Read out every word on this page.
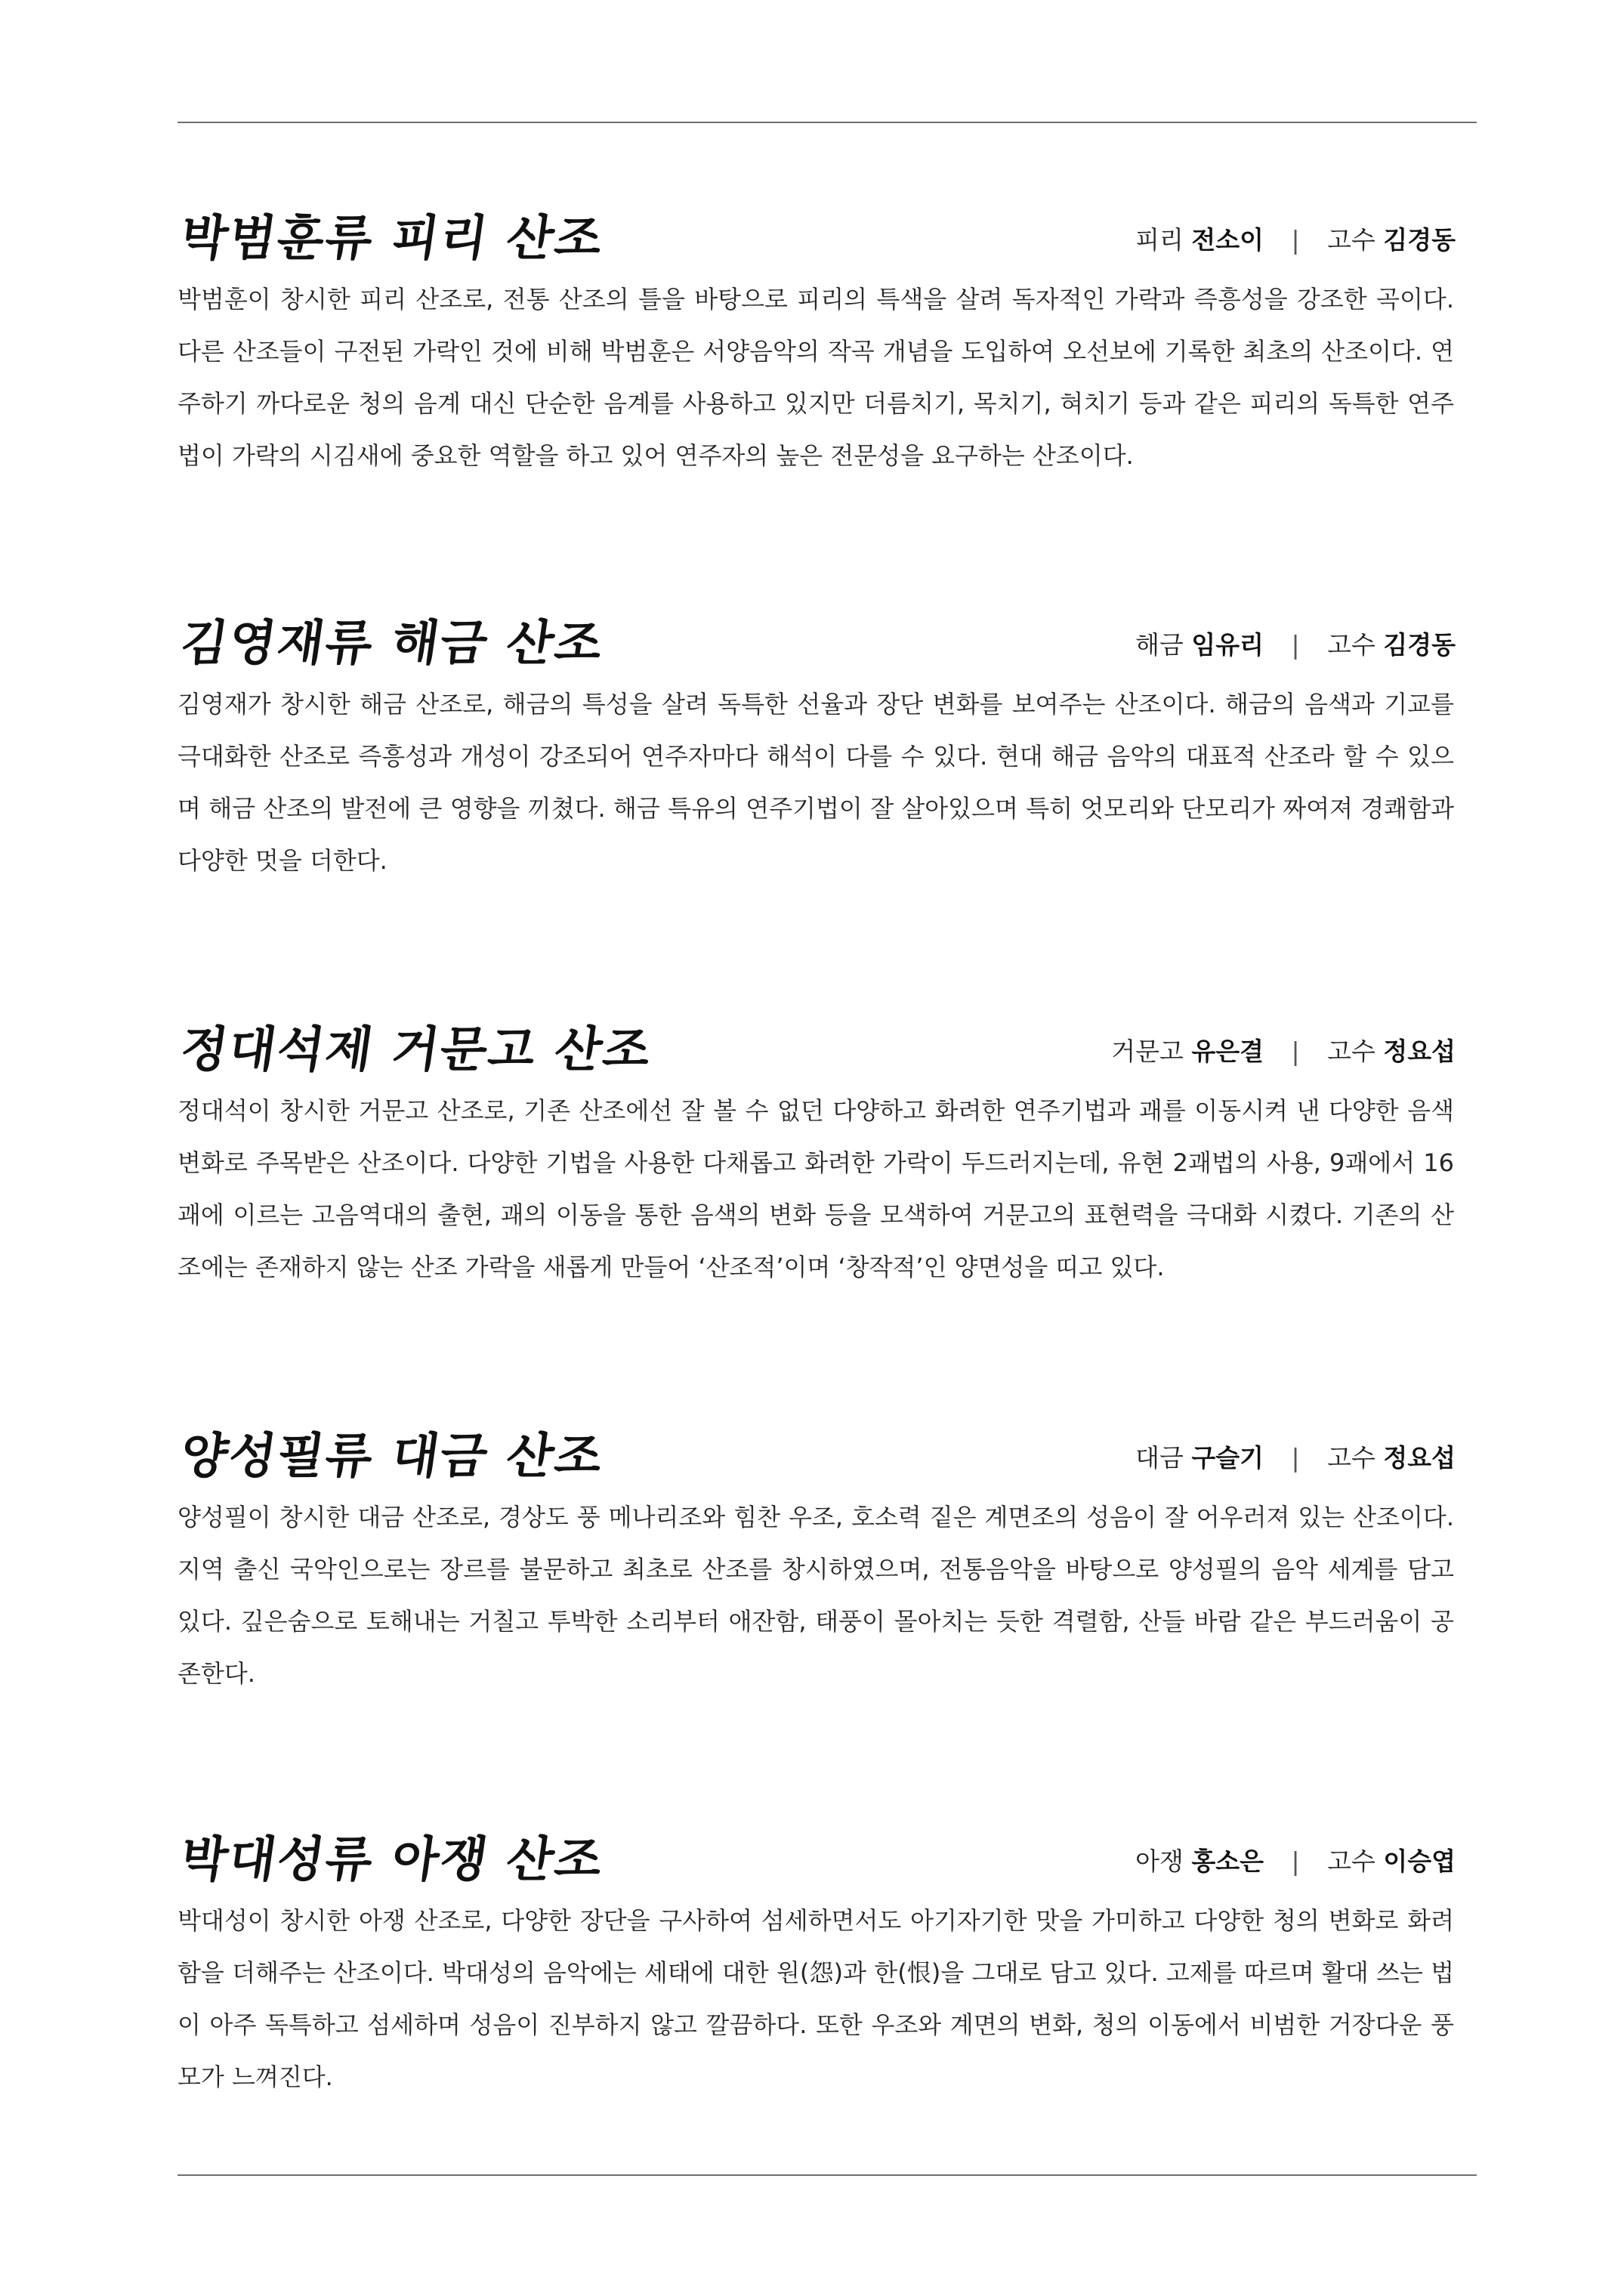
박범훈류 피리 산조	피리 전소이 | 고수 김경동

박범훈이 창시한 피리 산조로, 전통 산조의 틀을 바탕으로 피리의 특색을 살려 독자적인 가락과 즉흥성을 강조한 곡이다. 다른 산조들이 구전된 가락인 것에 비해 박범훈은 서양음악의 작곡 개념을 도입하여 오선보에 기록한 최초의 산조이다. 연주하기 까다로운 청의 음계 대신 단순한 음계를 사용하고 있지만 더름치기, 목치기, 혀치기 등과 같은 피리의 독특한 연주법이 가락의 시김새에 중요한 역할을 하고 있어 연주자의 높은 전문성을 요구하는 산조이다.

김영재류 해금 산조	해금 임유리 | 고수 김경동

김영재가 창시한 해금 산조로, 해금의 특성을 살려 독특한 선율과 장단 변화를 보여주는 산조이다. 해금의 음색과 기교를 극대화한 산조로 즉흥성과 개성이 강조되어 연주자마다 해석이 다를 수 있다. 현대 해금 음악의 대표적 산조라 할 수 있으며 해금 산조의 발전에 큰 영향을 끼쳤다. 해금 특유의 연주기법이 잘 살아있으며 특히 엇모리와 단모리가 짜여져 경쾌함과 다양한 멋을 더한다.

정대석제 거문고 산조	거문고 유은결 | 고수 정요섭

정대석이 창시한 거문고 산조로, 기존 산조에선 잘 볼 수 없던 다양하고 화려한 연주기법과 괘를 이동시켜 낸 다양한 음색 변화로 주목받은 산조이다. 다양한 기법을 사용한 다채롭고 화려한 가락이 두드러지는데, 유현 2괘법의 사용, 9괘에서 16괘에 이르는 고음역대의 출현, 괘의 이동을 통한 음색의 변화 등을 모색하여 거문고의 표현력을 극대화 시켰다. 기존의 산조에는 존재하지 않는 산조 가락을 새롭게 만들어 ‘산조적’이며 ‘창작적’인 양면성을 띠고 있다.

양성필류 대금 산조	대금 구슬기 | 고수 정요섭

양성필이 창시한 대금 산조로, 경상도 풍 메나리조와 힘찬 우조, 호소력 짙은 계면조의 성음이 잘 어우러져 있는 산조이다. 지역 출신 국악인으로는 장르를 불문하고 최초로 산조를 창시하였으며, 전통음악을 바탕으로 양성필의 음악 세계를 담고 있다. 깊은숨으로 토해내는 거칠고 투박한 소리부터 애잔함, 태풍이 몰아치는 듯한 격렬함, 산들 바람 같은 부드러움이 공존한다.

박대성류 아쟁 산조	아쟁 홍소은 | 고수 이승엽

박대성이 창시한 아쟁 산조로, 다양한 장단을 구사하여 섬세하면서도 아기자기한 맛을 가미하고 다양한 청의 변화로 화려함을 더해주는 산조이다. 박대성의 음악에는 세태에 대한 원(怨)과 한(恨)을 그대로 담고 있다. 고제를 따르며 활대 쓰는 법이 아주 독특하고 섬세하며 성음이 진부하지 않고 깔끔하다. 또한 우조와 계면의 변화, 청의 이동에서 비범한 거장다운 풍모가 느껴진다.
